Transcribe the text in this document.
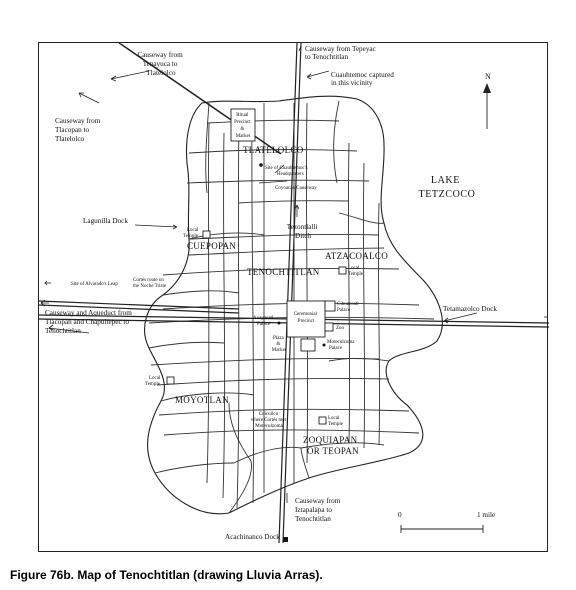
N
0	1 mile
Causeway from Tenayuca to Tlatelolco
Causeway from Tepeyac to Tenochtitlan
Cuauhtemoc captured in this vicinity
Causeway from Tlacopan to Tlatelolco
Ritual Precinct & Market
TLATELOLCO
Site of Cuauhtemoc's Headquarters
Coyoacan Causeway
LAKE TETZCOCO
Lagunilla Dock
Local Temple
CUEPOPAN
Tezontlalli Ditch
ATZACOALCO
Local Temple
TENOCHTITLAN
Site of Alvarado's Leap
Cortés route on the Noche Triste
Causeway and Aqueduct from Tlacopan and Chapultepec to Tenochtitlan
Ceremonial Precinct
Cihuacoatl Palace	Tetamazolco Dock
Axayacatl Palace
Zoo
Plaza & Market
Moteculzoma Palace
Local Temple
MOYOTLAN
Cuicuilco where Cortés met Moteculzoma
Local Temple
ZOQUIAPAN OR TEOPAN
Causeway from Iztapalapa to Tenochtitlan
Acachinanco Dock
Figure 76b. Map of Tenochtitlan (drawing Lluvia Arras).
